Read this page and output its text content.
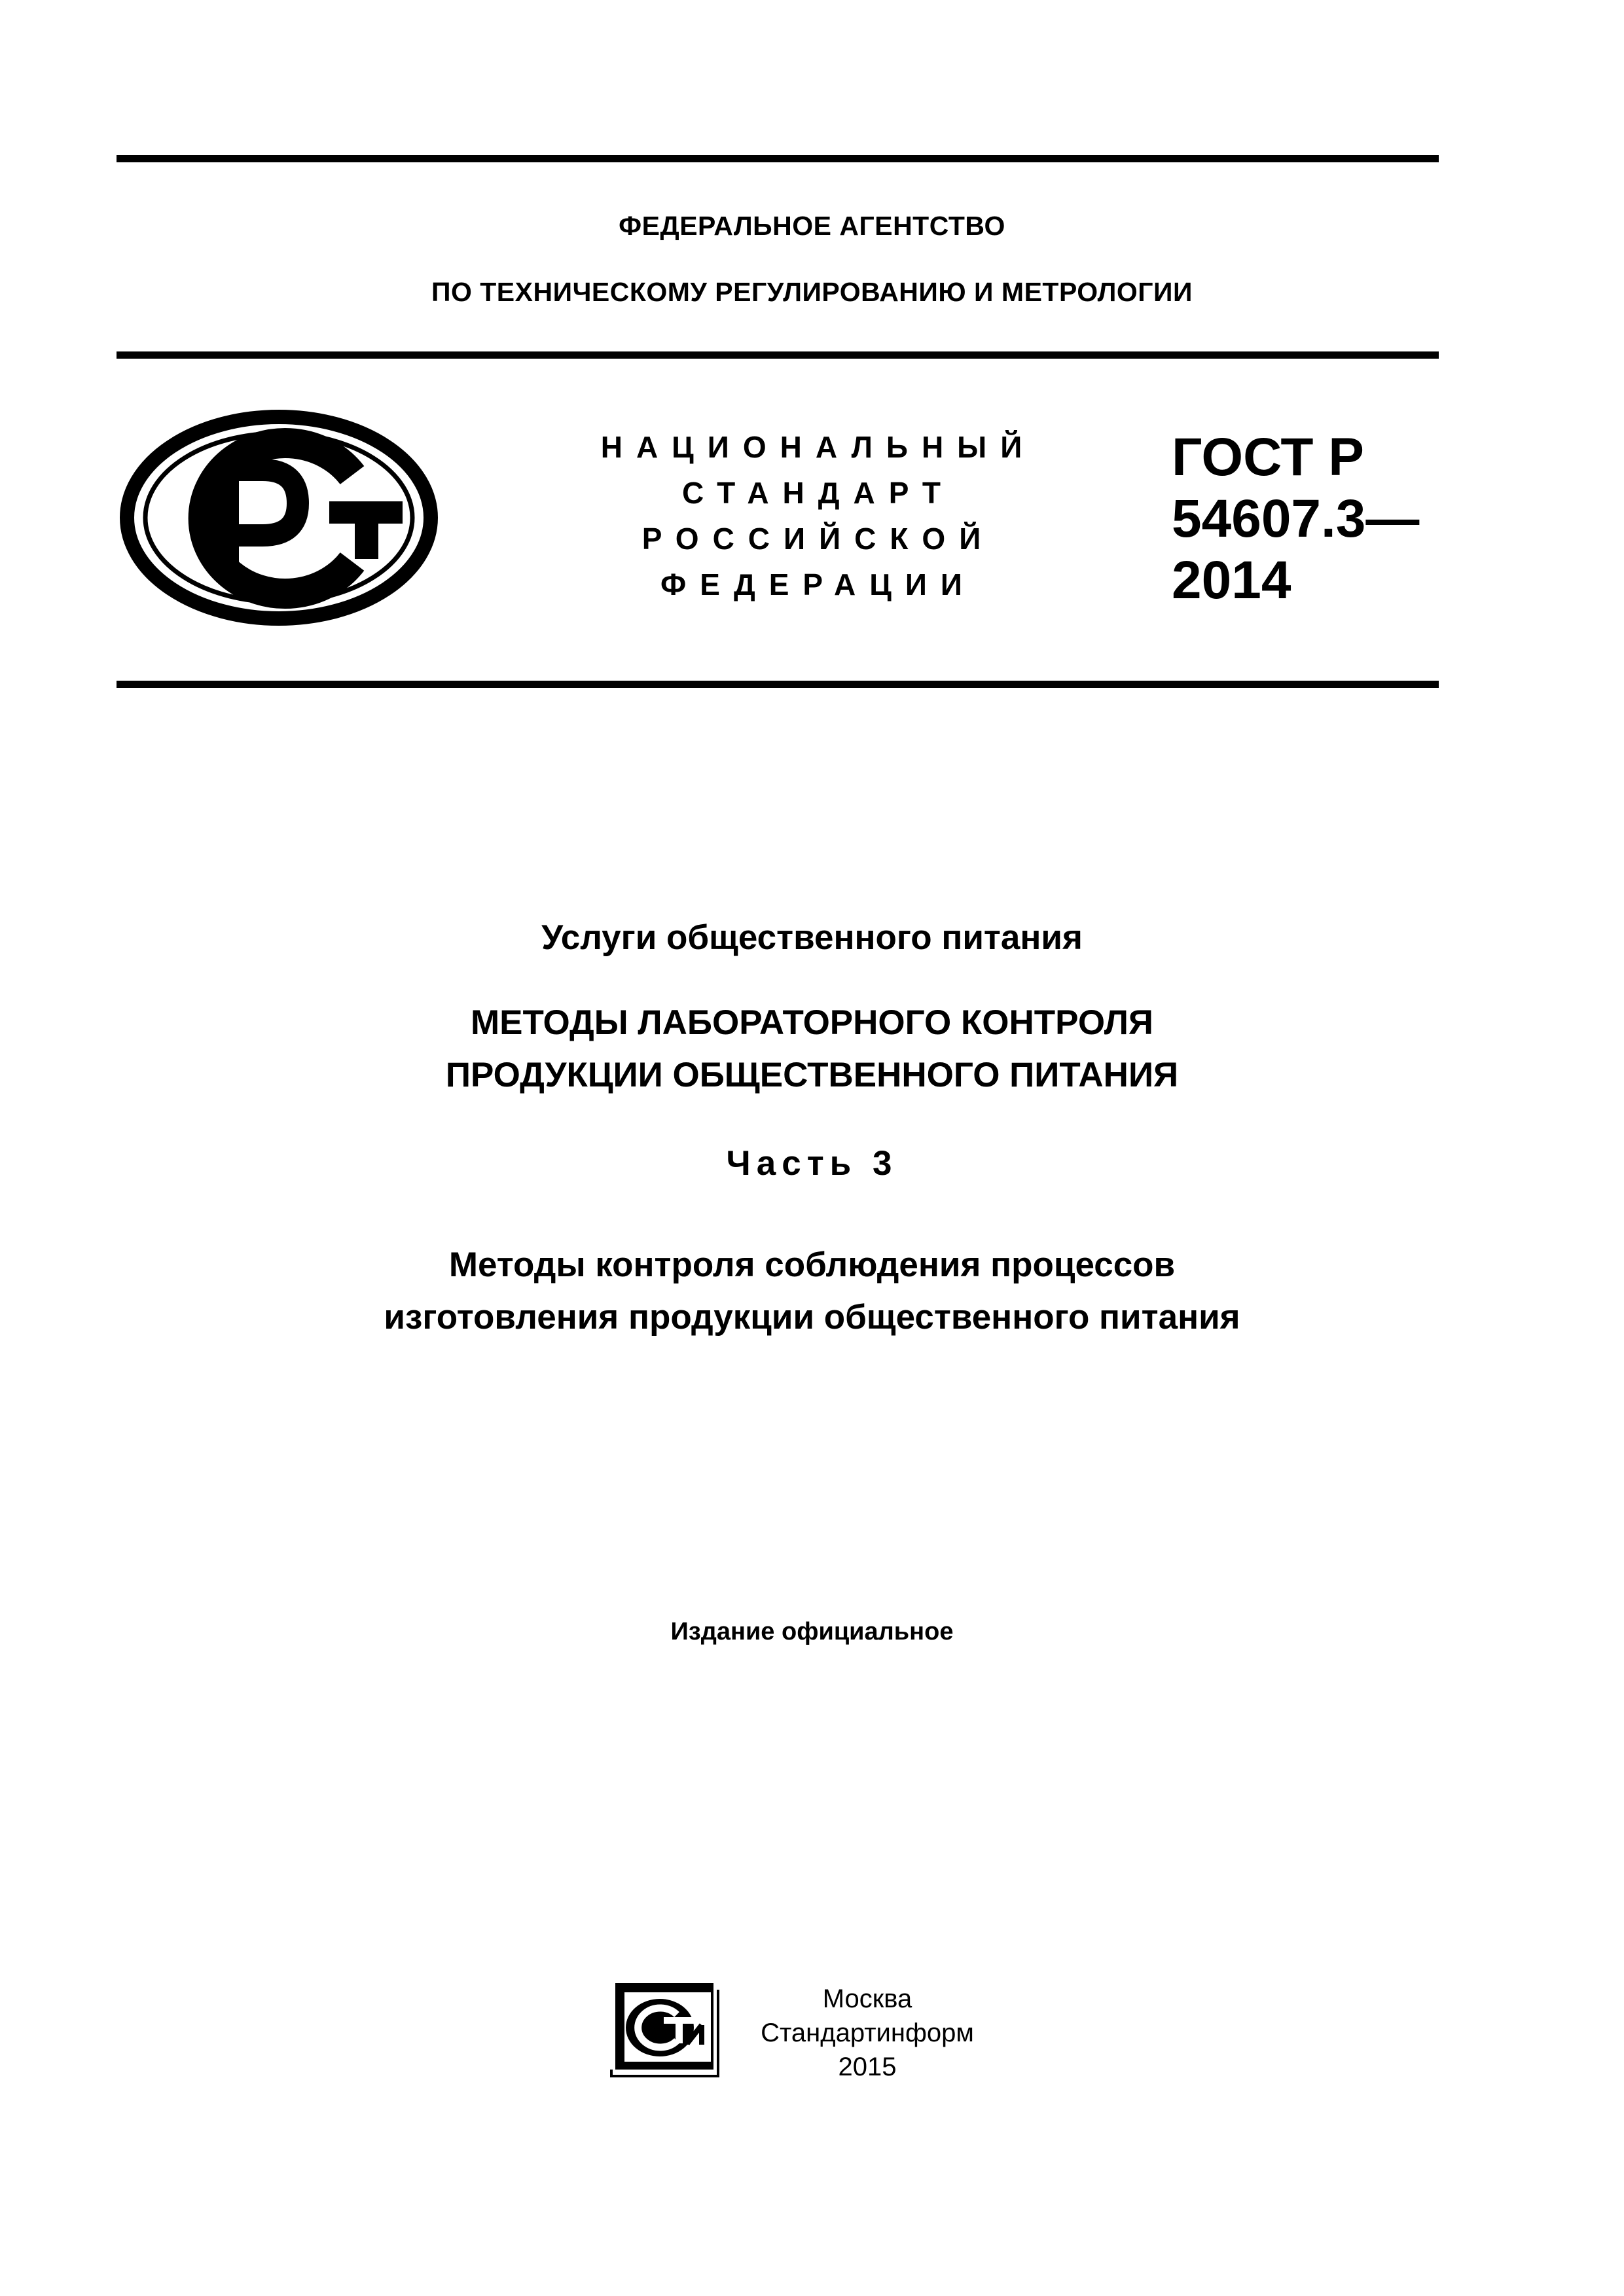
ФЕДЕРАЛЬНОЕ АГЕНТСТВО
ПО ТЕХНИЧЕСКОМУ РЕГУЛИРОВАНИЮ И МЕТРОЛОГИИ
НАЦИОНАЛЬНЫЙ
СТАНДАРТ
РОССИЙСКОЙ
ФЕДЕРАЦИИ
ГОСТ Р
54607.3—
2014
Услуги общественного питания
МЕТОДЫ ЛАБОРАТОРНОГО КОНТРОЛЯ
ПРОДУКЦИИ ОБЩЕСТВЕННОГО ПИТАНИЯ
Часть 3
Методы контроля соблюдения процессов
изготовления продукции общественного питания
Издание официальное
Москва
Стандартинформ
2015
